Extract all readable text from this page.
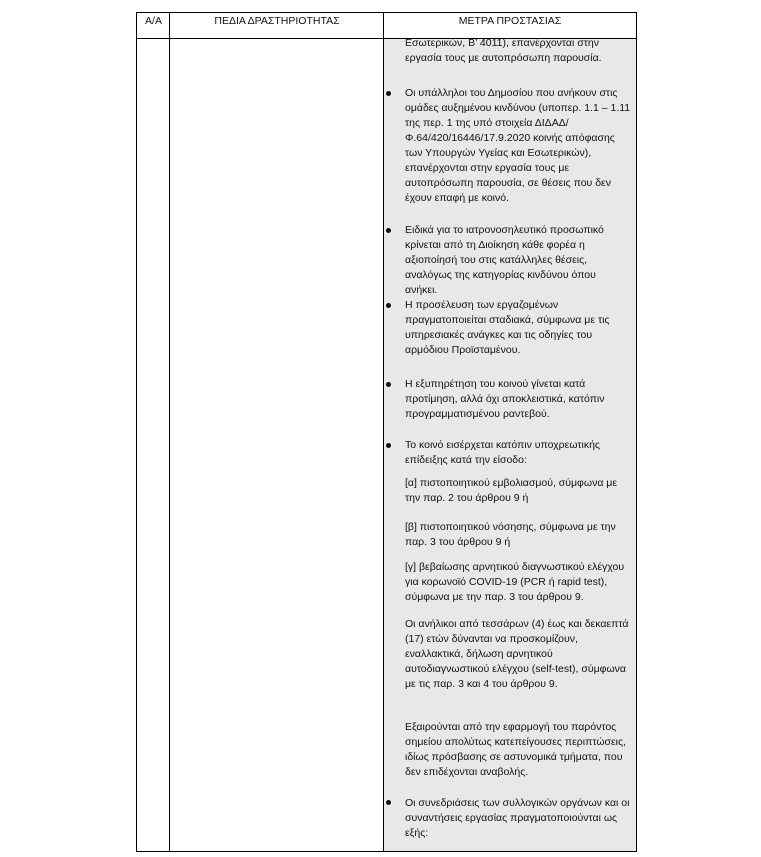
Α/Α	ΠΕΔΙΑ ΔΡΑΣΤΗΡΙΟΤΗΤΑΣ	ΜΕΤΡΑ ΠΡΟΣΤΑΣΙΑΣ
Εσωτερικών, Β’ 4011), επανέρχονται στην εργασία τους με αυτοπρόσωπη παρουσία.
Οι υπάλληλοι του Δημοσίου που ανήκουν στις ομάδες αυξημένου κινδύνου (υποπερ. 1.1 – 1.11 της περ. 1 της υπό στοιχεία ΔΙΔΑΔ/Φ.64/420/16446/17.9.2020 κοινής απόφασης των Υπουργών Υγείας και Εσωτερικών), επανέρχονται στην εργασία τους με αυτοπρόσωπη παρουσία, σε θέσεις που δεν έχουν επαφή με κοινό.
Ειδικά για το ιατρονοσηλευτικό προσωπικό κρίνεται από τη Διοίκηση κάθε φορέα η αξιοποίησή του στις κατάλληλες θέσεις, αναλόγως της κατηγορίας κινδύνου όπου ανήκει.
Η προσέλευση των εργαζομένων πραγματοποιείται σταδιακά, σύμφωνα με τις υπηρεσιακές ανάγκες και τις οδηγίες του αρμόδιου Προϊσταμένου.
Η εξυπηρέτηση του κοινού γίνεται κατά προτίμηση, αλλά όχι αποκλειστικά, κατόπιν προγραμματισμένου ραντεβού.
Το κοινό εισέρχεται κατόπιν υποχρεωτικής επίδειξης κατά την είσοδο:
[α] πιστοποιητικού εμβολιασμού, σύμφωνα με την παρ. 2 του άρθρου 9 ή
[β] πιστοποιητικού νόσησης, σύμφωνα με την παρ. 3 του άρθρου 9 ή
[γ] βεβαίωσης αρνητικού διαγνωστικού ελέγχου για κορωνοϊό COVID-19 (PCR ή rapid test), σύμφωνα με την παρ. 3 του άρθρου 9.
Οι ανήλικοι από τεσσάρων (4) έως και δεκαεπτά (17) ετών δύνανται να προσκομίζουν, εναλλακτικά, δήλωση αρνητικού αυτοδιαγνωστικού ελέγχου (self-test), σύμφωνα με τις παρ. 3 και 4 του άρθρου 9.
Εξαιρούνται από την εφαρμογή του παρόντος σημείου απολύτως κατεπείγουσες περιπτώσεις, ιδίως πρόσβασης σε αστυνομικά τμήματα, που δεν επιδέχονται αναβολής.
Οι συνεδριάσεις των συλλογικών οργάνων και οι συναντήσεις εργασίας πραγματοποιούνται ως εξής:
